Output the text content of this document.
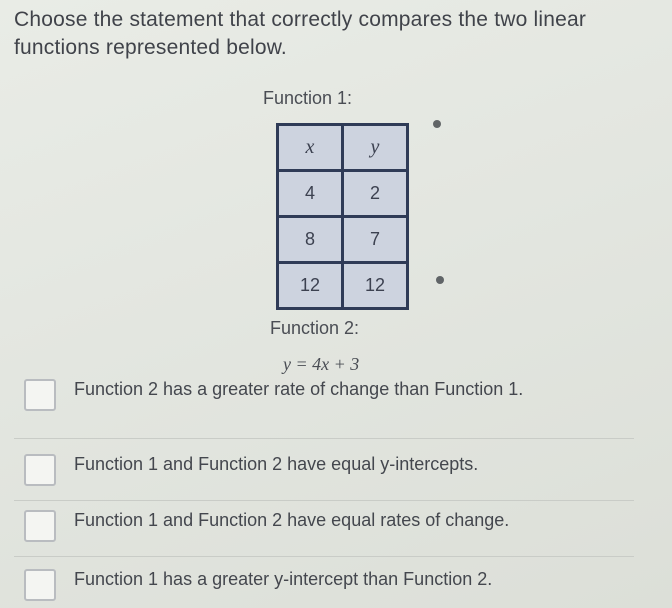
Choose the statement that correctly compares the two linear functions represented below.
Function 1:
x	y
4	2
8	7
12	12
Function 2:
y = 4x + 3
Function 2 has a greater rate of change than Function 1.
Function 1 and Function 2 have equal y-intercepts.
Function 1 and Function 2 have equal rates of change.
Function 1 has a greater y-intercept than Function 2.
